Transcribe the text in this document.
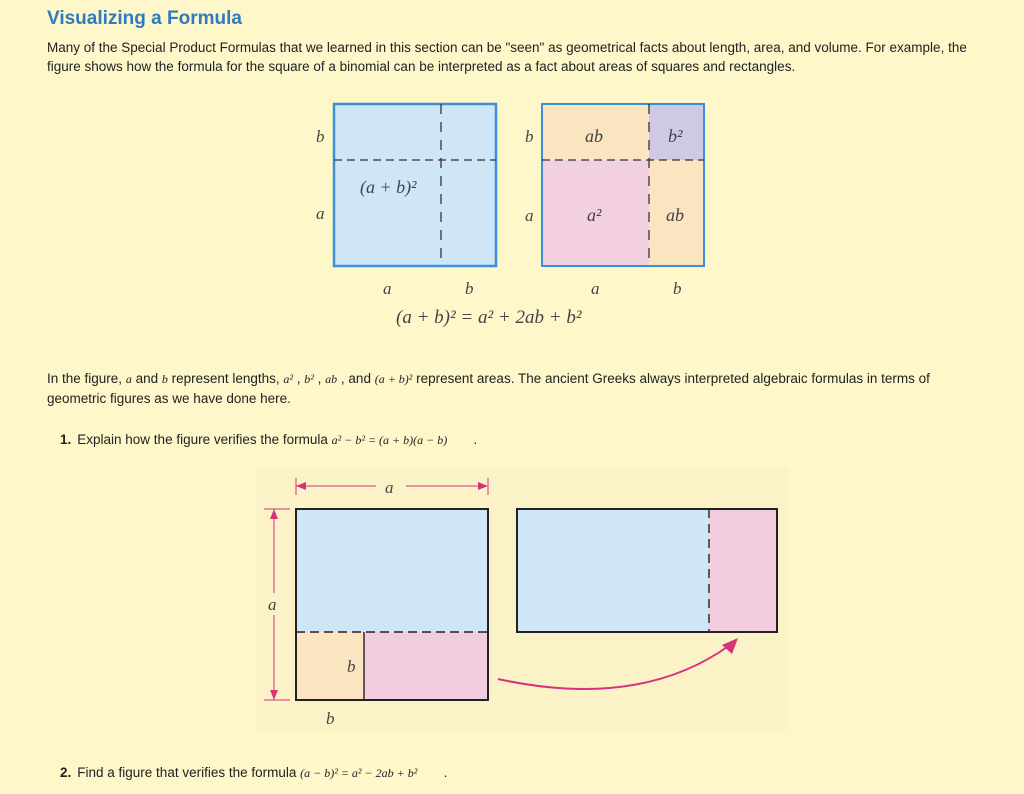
Visualizing a Formula
Many of the Special Product Formulas that we learned in this section can be "seen" as geometrical facts about length, area, and volume. For example, the figure shows how the formula for the square of a binomial can be interpreted as a fact about areas of squares and rectangles.
(a + b)²
b
a
ab	b²
a²	ab
b
a
a	b	a	b
(a + b)² = a² + 2ab + b²
a
a
b
b
In the figure, a and b represent lengths, a² , b² , ab , and (a + b)² represent areas. The ancient Greeks always interpreted algebraic formulas in terms of geometric figures as we have done here.
1. Explain how the figure verifies the formula a² − b² = (a + b)(a − b) .
2. Find a figure that verifies the formula (a − b)² = a² − 2ab + b² .
